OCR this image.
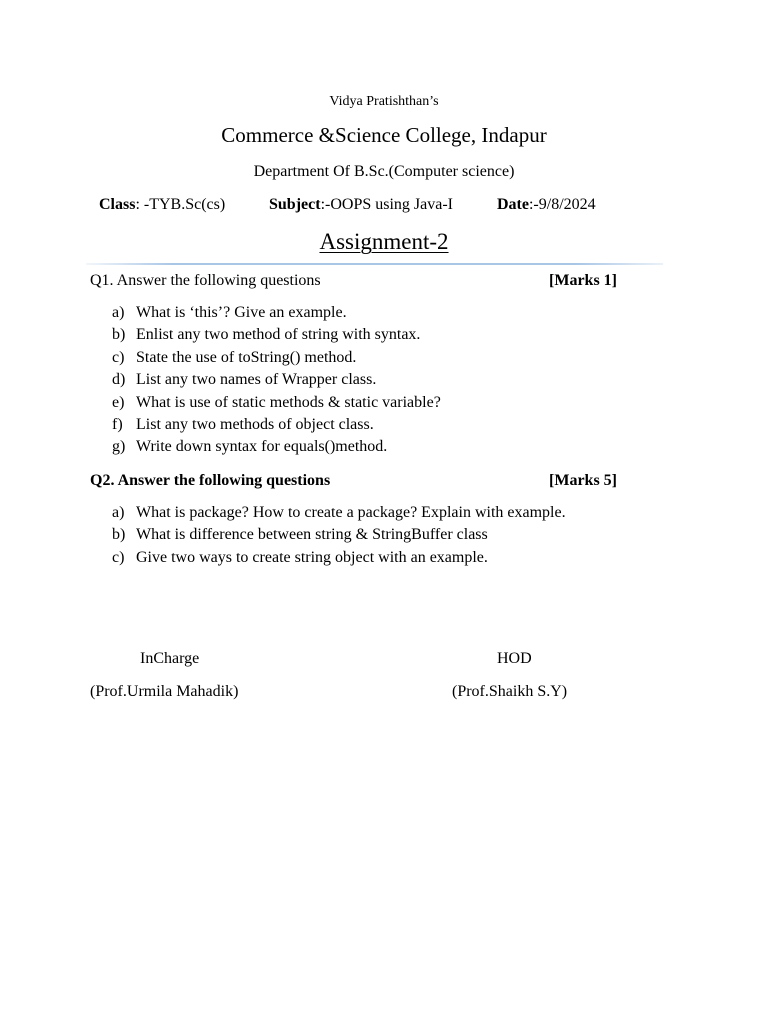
Vidya Pratishthan’s
Commerce &Science College, Indapur
Department Of B.Sc.(Computer science)
Class: -TYB.Sc(cs)	Subject:-OOPS using Java-I	Date:-9/8/2024
Assignment-2
Q1. Answer the following questions	[Marks 1]
a) What is ‘this’? Give an example.
b) Enlist any two method of string with syntax.
c) State the use of toString() method.
d) List any two names of Wrapper class.
e) What is use of static methods & static variable?
f) List any two methods of object class.
g) Write down syntax for equals()method.
Q2. Answer the following questions	[Marks 5]
a) What is package? How to create a package? Explain with example.
b) What is difference between string & StringBuffer class
c) Give two ways to create string object with an example.
InCharge
(Prof.Urmila Mahadik)
HOD
(Prof.Shaikh S.Y)
